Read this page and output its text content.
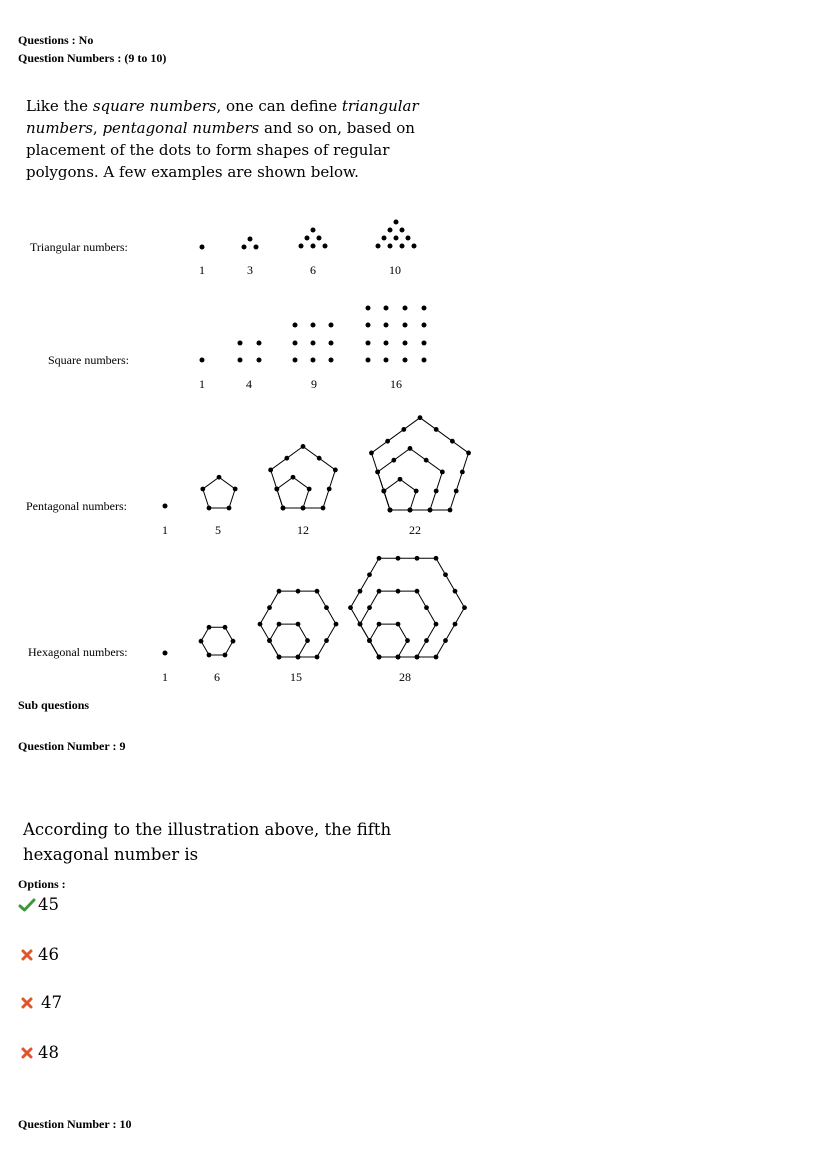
Questions : No

Question Numbers : (9 to 10)

Like the square numbers, one can define triangular numbers, pentagonal numbers and so on, based on placement of the dots to form shapes of regular polygons. A few examples are shown below.

Triangular numbers:
Square numbers:
Pentagonal numbers:
Hexagonal numbers:
1	3	6	10
1	4	9	16
1	5	12	22
1	6	15	28

Sub questions

Question Number : 9

According to the illustration above, the fifth hexagonal number is

Options :

45
46
47
48

Question Number : 10
